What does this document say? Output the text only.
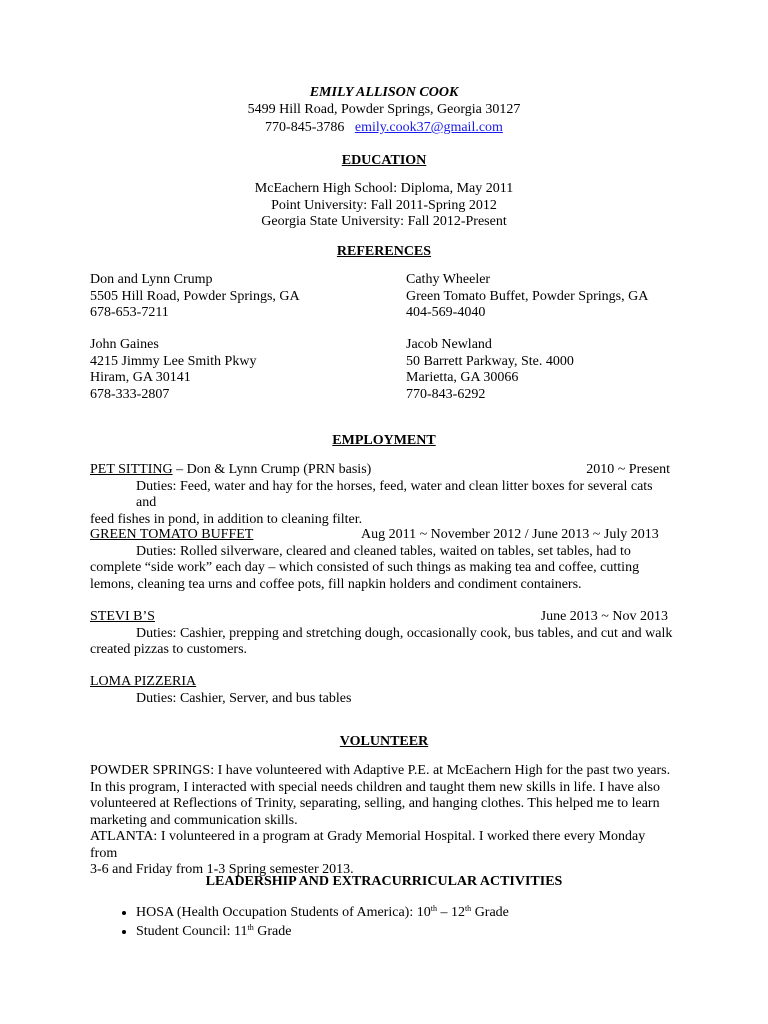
EMILY ALLISON COOK
5499 Hill Road, Powder Springs, Georgia 30127
770-845-3786 emily.cook37@gmail.com
EDUCATION
McEachern High School: Diploma, May 2011
Point University: Fall 2011-Spring 2012
Georgia State University: Fall 2012-Present
REFERENCES
Don and Lynn Crump
5505 Hill Road, Powder Springs, GA
678-653-7211
Cathy Wheeler
Green Tomato Buffet, Powder Springs, GA
404-569-4040
John Gaines
4215 Jimmy Lee Smith Pkwy
Hiram, GA 30141
678-333-2807
Jacob Newland
50 Barrett Parkway, Ste. 4000
Marietta, GA 30066
770-843-6292
EMPLOYMENT
PET SITTING – Don & Lynn Crump (PRN basis)	2010 ~ Present
Duties: Feed, water and hay for the horses, feed, water and clean litter boxes for several cats and
feed fishes in pond, in addition to cleaning filter.
GREEN TOMATO BUFFET	Aug 2011 ~ November 2012 / June 2013 ~ July 2013
Duties: Rolled silverware, cleared and cleaned tables, waited on tables, set tables, had to
complete “side work” each day – which consisted of such things as making tea and coffee, cutting
lemons, cleaning tea urns and coffee pots, fill napkin holders and condiment containers.
STEVI B’S	June 2013 ~ Nov 2013
Duties: Cashier, prepping and stretching dough, occasionally cook, bus tables, and cut and walk
created pizzas to customers.
LOMA PIZZERIA
Duties: Cashier, Server, and bus tables
VOLUNTEER
POWDER SPRINGS: I have volunteered with Adaptive P.E. at McEachern High for the past two years.
In this program, I interacted with special needs children and taught them new skills in life. I have also
volunteered at Reflections of Trinity, separating, selling, and hanging clothes. This helped me to learn
marketing and communication skills.
ATLANTA: I volunteered in a program at Grady Memorial Hospital. I worked there every Monday from
3-6 and Friday from 1-3 Spring semester 2013.
LEADERSHIP AND EXTRACURRICULAR ACTIVITIES
• HOSA (Health Occupation Students of America): 10th – 12th Grade
• Student Council: 11th Grade
